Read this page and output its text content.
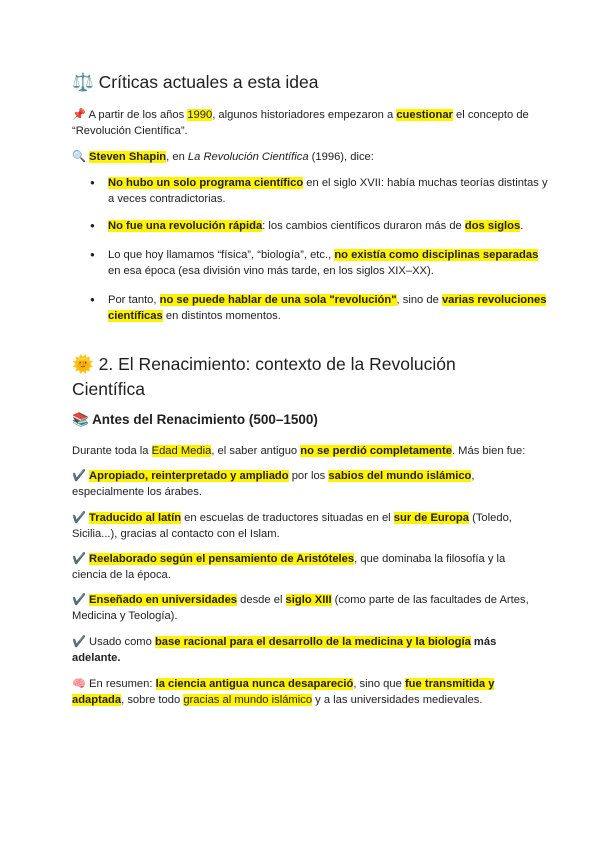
⚖️ Críticas actuales a esta idea

📌 A partir de los años 1990, algunos historiadores empezaron a cuestionar el concepto de “Revolución Científica”.

🔍 Steven Shapin, en La Revolución Científica (1996), dice:

● No hubo un solo programa científico en el siglo XVII: había muchas teorías distintas y a veces contradictorias.
● No fue una revolución rápida: los cambios científicos duraron más de dos siglos.
● Lo que hoy llamamos “física”, “biología”, etc., no existía como disciplinas separadas en esa época (esa división vino más tarde, en los siglos XIX–XX).
● Por tanto, no se puede hablar de una sola "revolución", sino de varias revoluciones científicas en distintos momentos.
🌞 2. El Renacimiento: contexto de la Revolución Científica
📚 Antes del Renacimiento (500–1500)

Durante toda la Edad Media, el saber antiguo no se perdió completamente. Más bien fue:

✔️ Apropiado, reinterpretado y ampliado por los sabios del mundo islámico, especialmente los árabes.

✔️ Traducido al latín en escuelas de traductores situadas en el sur de Europa (Toledo, Sicilia...), gracias al contacto con el Islam.

✔️ Reelaborado según el pensamiento de Aristóteles, que dominaba la filosofía y la ciencia de la época.

✔️ Enseñado en universidades desde el siglo XIII (como parte de las facultades de Artes, Medicina y Teología).

✔️ Usado como base racional para el desarrollo de la medicina y la biología más adelante.

🧠 En resumen: la ciencia antigua nunca desapareció, sino que fue transmitida y adaptada, sobre todo gracias al mundo islámico y a las universidades medievales.
